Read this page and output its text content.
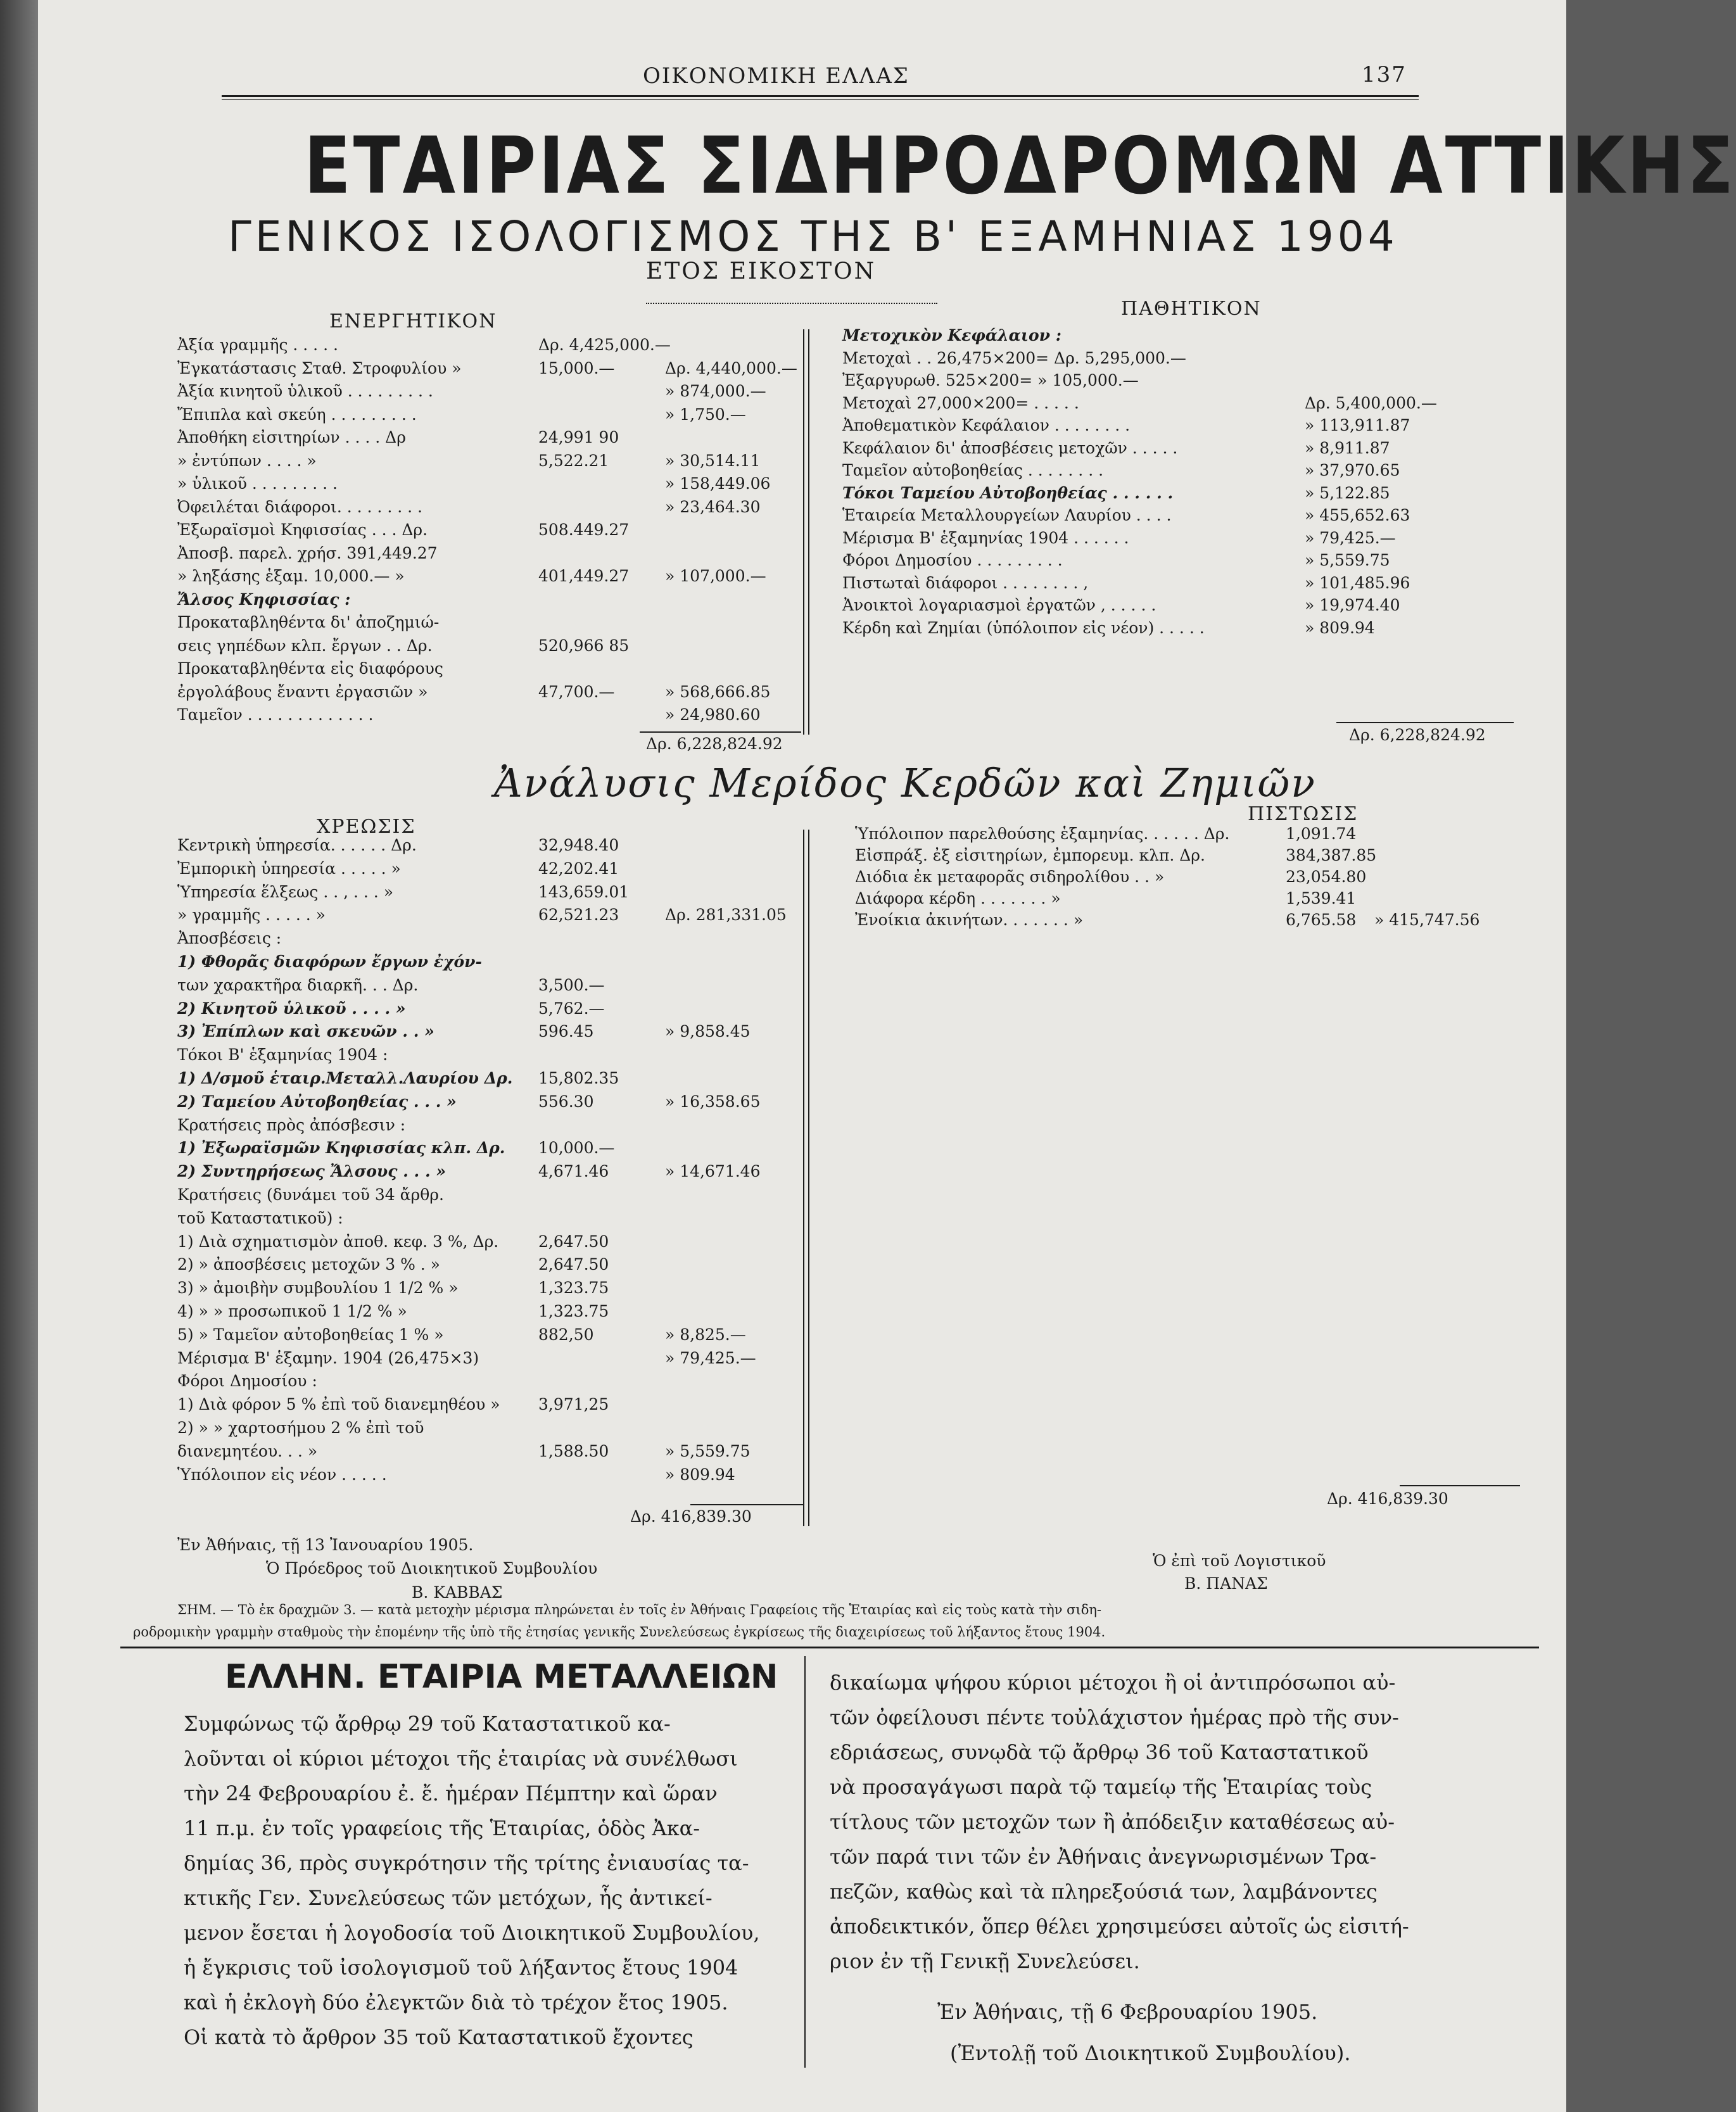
ΟΙΚΟΝΟΜΙΚΗ ΕΛΛΑΣ	137
ΕΤΑΙΡΙΑΣ ΣΙΔΗΡΟΔΡΟΜΩΝ ΑΤΤΙΚΗΣ
ΓΕΝΙΚΟΣ ΙΣΟΛΟΓΙΣΜΟΣ ΤΗΣ Β' ΕΞΑΜΗΝΙΑΣ 1904
ΕΤΟΣ ΕΙΚΟΣΤΟΝ
ΕΝΕΡΓΗΤΙΚΟΝ
ΠΑΘΗΤΙΚΟΝ
Ἀξία γραμμῆς . . . . .	Δρ. 4,425,000.—
Ἐγκατάστασις Σταθ. Στροφυλίου »	15,000.—	Δρ. 4,440,000.—
Ἀξία κινητοῦ ὑλικοῦ . . . . . . . . .	» 874,000.—
Ἔπιπλα καὶ σκεύη . . . . . . . . .	» 1,750.—
Ἀποθήκη εἰσιτηρίων . . . . Δρ	24,991 90
» ἐντύπων . . . . »	5,522.21	» 30,514.11
» ὑλικοῦ . . . . . . . . .	» 158,449.06
Ὀφειλέται διάφοροι. . . . . . . . .	» 23,464.30
Ἐξωραϊσμοὶ Κηφισσίας . . . Δρ.	508.449.27
Ἀποσβ. παρελ. χρήσ. 391,449.27
» ληξάσης ἑξαμ. 10,000.— »	401,449.27 » 107,000.—
Ἄλσος Κηφισσίας :
Προκαταβληθέντα δι' ἀποζημιώ-
σεις γηπέδων κλπ. ἔργων . . Δρ.	520,966 85
Προκαταβληθέντα εἰς διαφόρους
ἐργολάβους ἔναντι ἐργασιῶν »	47,700.—	» 568,666.85
Ταμεῖον . . . . . . . . . . . . .	» 24,980.60
Δρ. 6,228,824.92
Μετοχικὸν Κεφάλαιον :
Μετοχαὶ . . 26,475×200= Δρ. 5,295,000.—
Ἐξαργυρωθ. 525×200= » 105,000.—
Μετοχαὶ 27,000×200= . . . . .	Δρ. 5,400,000.—
Ἀποθεματικὸν Κεφάλαιον . . . . . . . .	» 113,911.87
Κεφάλαιον δι' ἀποσβέσεις μετοχῶν . . . . .	» 8,911.87
Ταμεῖον αὐτοβοηθείας . . . . . . . .	» 37,970.65
Τόκοι Ταμείου Αὐτοβοηθείας . . . . . .	» 5,122.85
Ἑταιρεία Μεταλλουργείων Λαυρίου . . . .	» 455,652.63
Μέρισμα Β' ἑξαμηνίας 1904 . . . . . .	» 79,425.—
Φόροι Δημοσίου . . . . . . . . .	» 5,559.75
Πιστωταὶ διάφοροι . . . . . . . . ,	» 101,485.96
Ἀνοικτοὶ λογαριασμοὶ ἐργατῶν , . . . . .	» 19,974.40
Κέρδη καὶ Ζημίαι (ὑπόλοιπον εἰς νέον) . . . . .	» 809.94
Δρ. 6,228,824.92
Ἀνάλυσις Μερίδος Κερδῶν καὶ Ζημιῶν
ΧΡΕΩΣΙΣ
ΠΙΣΤΩΣΙΣ
Κεντρικὴ ὑπηρεσία. . . . . . Δρ.	32,948.40
Ἐμπορικὴ ὑπηρεσία . . . . . »	42,202.41
Ὑπηρεσία ἕλξεως . . , . . . »	143,659.01
» γραμμῆς . . . . . »	62,521.23	Δρ. 281,331.05
Ἀποσβέσεις :
1) Φθορᾶς διαφόρων ἔργων ἐχόν-
των χαρακτῆρα διαρκῆ. . . Δρ.	3,500.—
2) Κινητοῦ ὑλικοῦ . . . . »	5,762.—
3) Ἐπίπλων καὶ σκευῶν . . »	596.45	» 9,858.45
Τόκοι Β' ἑξαμηνίας 1904 :
1) Δ/σμοῦ ἑταιρ.Μεταλλ.Λαυρίου Δρ. 15,802.35
2) Ταμείου Αὐτοβοηθείας . . . »	556.30	» 16,358.65
Κρατήσεις πρὸς ἀπόσβεσιν :
1) Ἐξωραϊσμῶν Κηφισσίας κλπ. Δρ. 10,000.—
2) Συντηρήσεως Ἄλσους . . . »	4,671.46	» 14,671.46
Κρατήσεις (δυνάμει τοῦ 34 ἄρθρ.
τοῦ Καταστατικοῦ) :
1) Διὰ σχηματισμὸν ἀποθ. κεφ. 3 %, Δρ.	2,647.50
2) » ἀποσβέσεις μετοχῶν 3 % . »	2,647.50
3) » ἀμοιβὴν συμβουλίου 1 1/2 % »	1,323.75
4) » » προσωπικοῦ 1 1/2 % »	1,323.75
5) » Ταμεῖον αὐτοβοηθείας 1 % »	882,50	» 8,825.—
Μέρισμα Β' ἑξαμην. 1904 (26,475×3)	» 79,425.—
Φόροι Δημοσίου :
1) Διὰ φόρον 5 % ἐπὶ τοῦ διανεμηθέου » 3,971,25
2) » » χαρτοσήμου 2 % ἐπὶ τοῦ
διανεμητέου. . . »	1,588.50	» 5,559.75
Ὑπόλοιπον εἰς νέον . . . . .	» 809.94
Δρ. 416,839.30
Ὑπόλοιπον παρελθούσης ἑξαμηνίας. . . . . . Δρ.	1,091.74
Εἰσπράξ. ἐξ εἰσιτηρίων, ἐμπορευμ. κλπ. Δρ.	384,387.85
Διόδια ἐκ μεταφορᾶς σιδηρολίθου . . »	23,054.80
Διάφορα κέρδη . . . . . . . »	1,539.41
Ἐνοίκια ἀκινήτων. . . . . . . »	6,765.58 » 415,747.56
Δρ. 416,839.30
Ἐν Ἀθήναις, τῇ 13 Ἰανουαρίου 1905.
Ὁ Πρόεδρος τοῦ Διοικητικοῦ Συμβουλίου
Β. ΚΑΒΒΑΣ
Ὁ ἐπὶ τοῦ Λογιστικοῦ
Β. ΠΑΝΑΣ
ΣΗΜ. — Τὸ ἐκ δραχμῶν 3. — κατὰ μετοχὴν μέρισμα πληρώνεται ἐν τοῖς ἐν Ἀθήναις Γραφείοις τῆς Ἑταιρίας καὶ εἰς τοὺς κατὰ τὴν σιδη-
ροδρομικὴν γραμμὴν σταθμοὺς τὴν ἐπομένην τῆς ὑπὸ τῆς ἐτησίας γενικῆς Συνελεύσεως ἐγκρίσεως τῆς διαχειρίσεως τοῦ λήξαντος ἔτους 1904.
ΕΛΛΗΝ. ΕΤΑΙΡΙΑ ΜΕΤΑΛΛΕΙΩΝ
Συμφώνως τῷ ἄρθρῳ 29 τοῦ Καταστατικοῦ κα-
λοῦνται οἱ κύριοι μέτοχοι τῆς ἑταιρίας νὰ συνέλθωσι
τὴν 24 Φεβρουαρίου ἐ. ἔ. ἡμέραν Πέμπτην καὶ ὥραν
11 π.μ. ἐν τοῖς γραφείοις τῆς Ἑταιρίας, ὁδὸς Ἀκα-
δημίας 36, πρὸς συγκρότησιν τῆς τρίτης ἐνιαυσίας τα-
κτικῆς Γεν. Συνελεύσεως τῶν μετόχων, ἧς ἀντικεί-
μενον ἔσεται ἡ λογοδοσία τοῦ Διοικητικοῦ Συμβουλίου,
ἡ ἔγκρισις τοῦ ἰσολογισμοῦ τοῦ λήξαντος ἔτους 1904
καὶ ἡ ἐκλογὴ δύο ἐλεγκτῶν διὰ τὸ τρέχον ἔτος 1905.
Οἱ κατὰ τὸ ἄρθρον 35 τοῦ Καταστατικοῦ ἔχοντες
δικαίωμα ψήφου κύριοι μέτοχοι ἢ οἱ ἀντιπρόσωποι αὐ-
τῶν ὀφείλουσι πέντε τοὐλάχιστον ἡμέρας πρὸ τῆς συν-
εδριάσεως, συνῳδὰ τῷ ἄρθρῳ 36 τοῦ Καταστατικοῦ
νὰ προσαγάγωσι παρὰ τῷ ταμείῳ τῆς Ἑταιρίας τοὺς
τίτλους τῶν μετοχῶν των ἢ ἀπόδειξιν καταθέσεως αὐ-
τῶν παρά τινι τῶν ἐν Ἀθήναις ἀνεγνωρισμένων Τρα-
πεζῶν, καθὼς καὶ τὰ πληρεξούσιά των, λαμβάνοντες
ἀποδεικτικόν, ὅπερ θέλει χρησιμεύσει αὐτοῖς ὡς εἰσιτή-
ριον ἐν τῇ Γενικῇ Συνελεύσει.
Ἐν Ἀθήναις, τῇ 6 Φεβρουαρίου 1905.
(Ἐντολῇ τοῦ Διοικητικοῦ Συμβουλίου).
